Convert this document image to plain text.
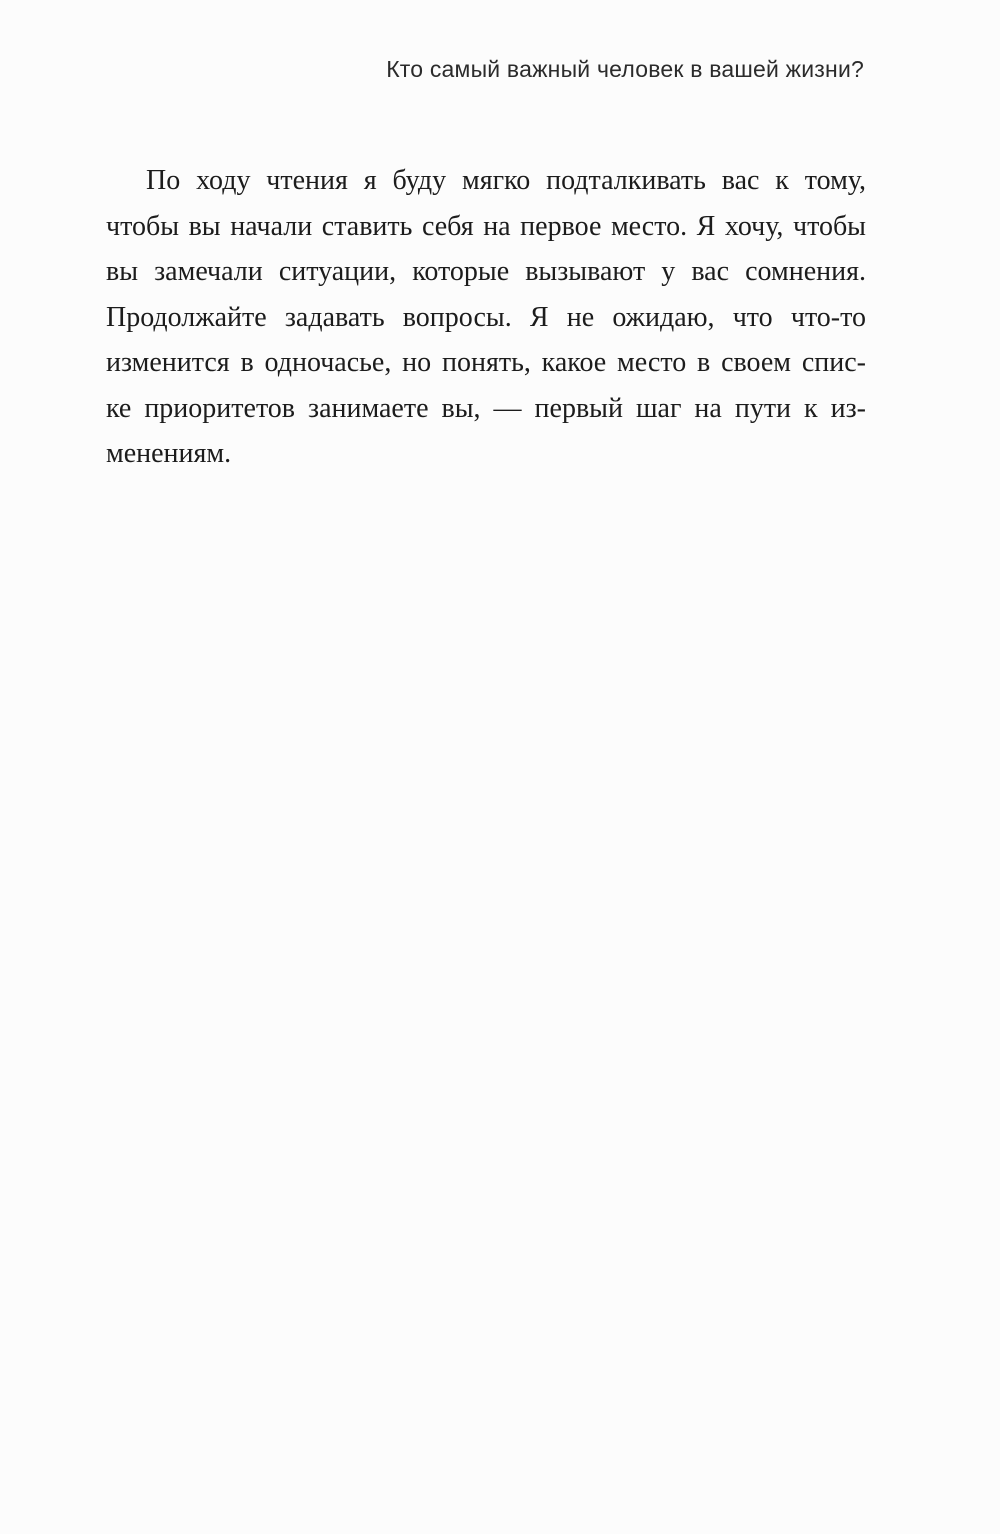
Кто самый важный человек в вашей жизни?
По ходу чтения я буду мягко подталкивать вас к тому,
чтобы вы начали ставить себя на первое место. Я хочу, чтобы
вы замечали ситуации, которые вызывают у вас сомнения.
Продолжайте задавать вопросы. Я не ожидаю, что что-то
изменится в одночасье, но понять, какое место в своем спис-
ке приоритетов занимаете вы, — первый шаг на пути к из-
менениям.
